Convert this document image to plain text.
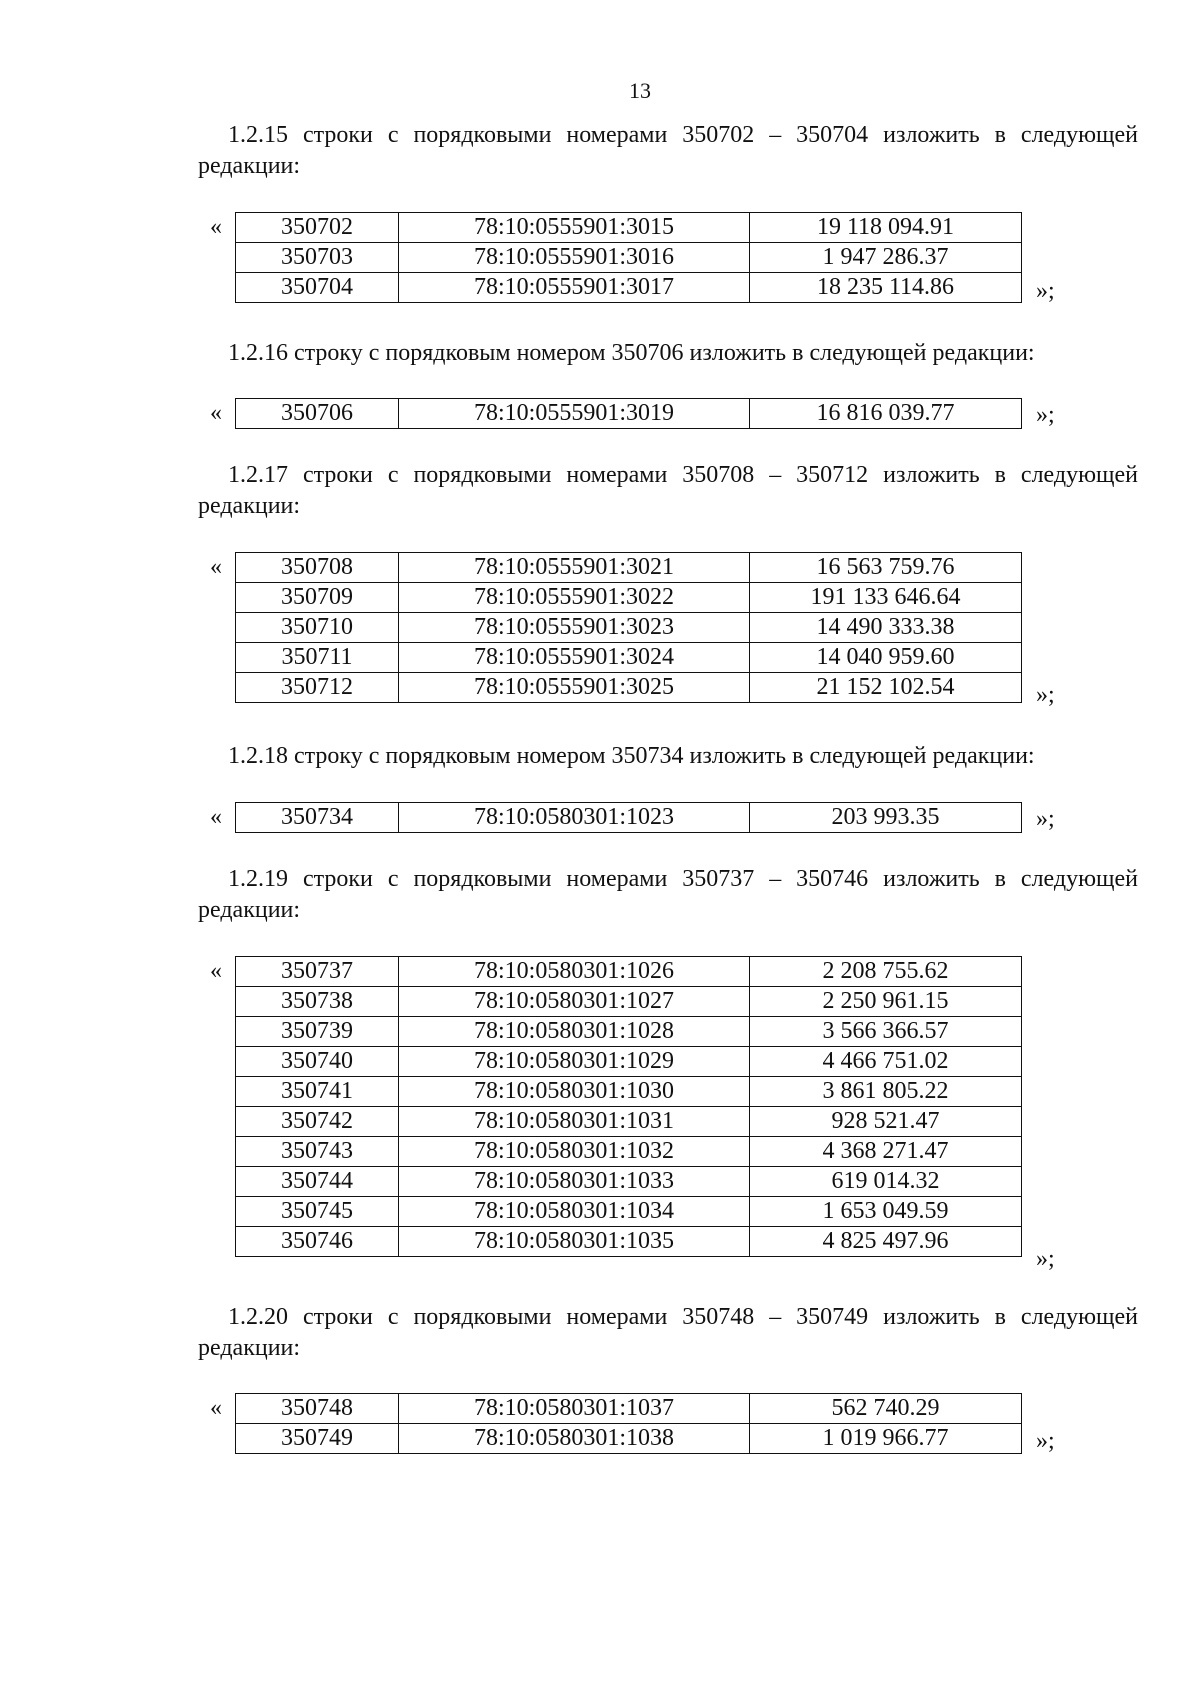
13

1.2.15 строки с порядковыми номерами 350702 – 350704 изложить в следующей редакции:

« 350702	78:10:0555901:3015	19 118 094.91
350703	78:10:0555901:3016	1 947 286.37
350704	78:10:0555901:3017	18 235 114.86	»;

1.2.16 строку с порядковым номером 350706 изложить в следующей редакции:

« 350706	78:10:0555901:3019	16 816 039.77	»;

1.2.17 строки с порядковыми номерами 350708 – 350712 изложить в следующей редакции:

« 350708	78:10:0555901:3021	16 563 759.76
350709	78:10:0555901:3022	191 133 646.64
350710	78:10:0555901:3023	14 490 333.38
350711	78:10:0555901:3024	14 040 959.60
350712	78:10:0555901:3025	21 152 102.54	»;

1.2.18 строку с порядковым номером 350734 изложить в следующей редакции:

« 350734	78:10:0580301:1023	203 993.35	»;

1.2.19 строки с порядковыми номерами 350737 – 350746 изложить в следующей редакции:

« 350737	78:10:0580301:1026	2 208 755.62
350738	78:10:0580301:1027	2 250 961.15
350739	78:10:0580301:1028	3 566 366.57
350740	78:10:0580301:1029	4 466 751.02
350741	78:10:0580301:1030	3 861 805.22
350742	78:10:0580301:1031	928 521.47
350743	78:10:0580301:1032	4 368 271.47
350744	78:10:0580301:1033	619 014.32
350745	78:10:0580301:1034	1 653 049.59
350746	78:10:0580301:1035	4 825 497.96
»;

1.2.20 строки с порядковыми номерами 350748 – 350749 изложить в следующей редакции:

« 350748	78:10:0580301:1037	562 740.29
350749	78:10:0580301:1038	1 019 966.77	»;
